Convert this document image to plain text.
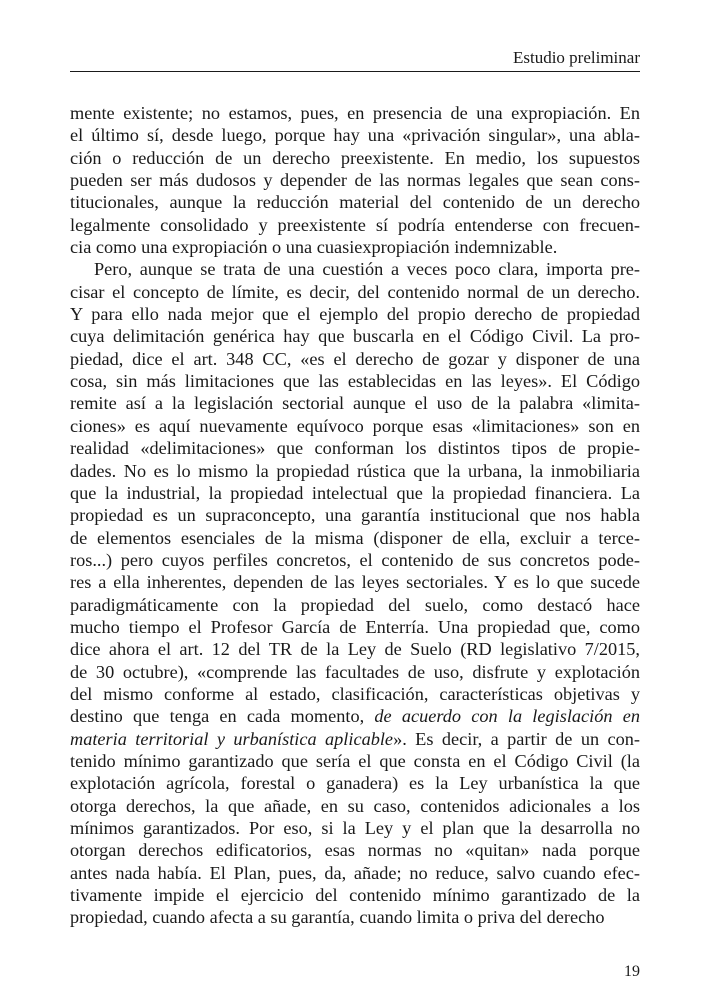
Estudio preliminar
mente existente; no estamos, pues, en presencia de una expropiación. En
el último sí, desde luego, porque hay una «privación singular», una abla-
ción o reducción de un derecho preexistente. En medio, los supuestos
pueden ser más dudosos y depender de las normas legales que sean cons-
titucionales, aunque la reducción material del contenido de un derecho
legalmente consolidado y preexistente sí podría entenderse con frecuen-
cia como una expropiación o una cuasiexpropiación indemnizable.
Pero, aunque se trata de una cuestión a veces poco clara, importa pre-
cisar el concepto de límite, es decir, del contenido normal de un derecho.
Y para ello nada mejor que el ejemplo del propio derecho de propiedad
cuya delimitación genérica hay que buscarla en el Código Civil. La pro-
piedad, dice el art. 348 CC, «es el derecho de gozar y disponer de una
cosa, sin más limitaciones que las establecidas en las leyes». El Código
remite así a la legislación sectorial aunque el uso de la palabra «limita-
ciones» es aquí nuevamente equívoco porque esas «limitaciones» son en
realidad «delimitaciones» que conforman los distintos tipos de propie-
dades. No es lo mismo la propiedad rústica que la urbana, la inmobiliaria
que la industrial, la propiedad intelectual que la propiedad financiera. La
propiedad es un supraconcepto, una garantía institucional que nos habla
de elementos esenciales de la misma (disponer de ella, excluir a terce-
ros...) pero cuyos perfiles concretos, el contenido de sus concretos pode-
res a ella inherentes, dependen de las leyes sectoriales. Y es lo que sucede
paradigmáticamente con la propiedad del suelo, como destacó hace
mucho tiempo el Profesor García de Enterría. Una propiedad que, como
dice ahora el art. 12 del TR de la Ley de Suelo (RD legislativo 7/2015,
de 30 octubre), «comprende las facultades de uso, disfrute y explotación
del mismo conforme al estado, clasificación, características objetivas y
destino que tenga en cada momento, de acuerdo con la legislación en
materia territorial y urbanística aplicable». Es decir, a partir de un con-
tenido mínimo garantizado que sería el que consta en el Código Civil (la
explotación agrícola, forestal o ganadera) es la Ley urbanística la que
otorga derechos, la que añade, en su caso, contenidos adicionales a los
mínimos garantizados. Por eso, si la Ley y el plan que la desarrolla no
otorgan derechos edificatorios, esas normas no «quitan» nada porque
antes nada había. El Plan, pues, da, añade; no reduce, salvo cuando efec-
tivamente impide el ejercicio del contenido mínimo garantizado de la
propiedad, cuando afecta a su garantía, cuando limita o priva del derecho
19
